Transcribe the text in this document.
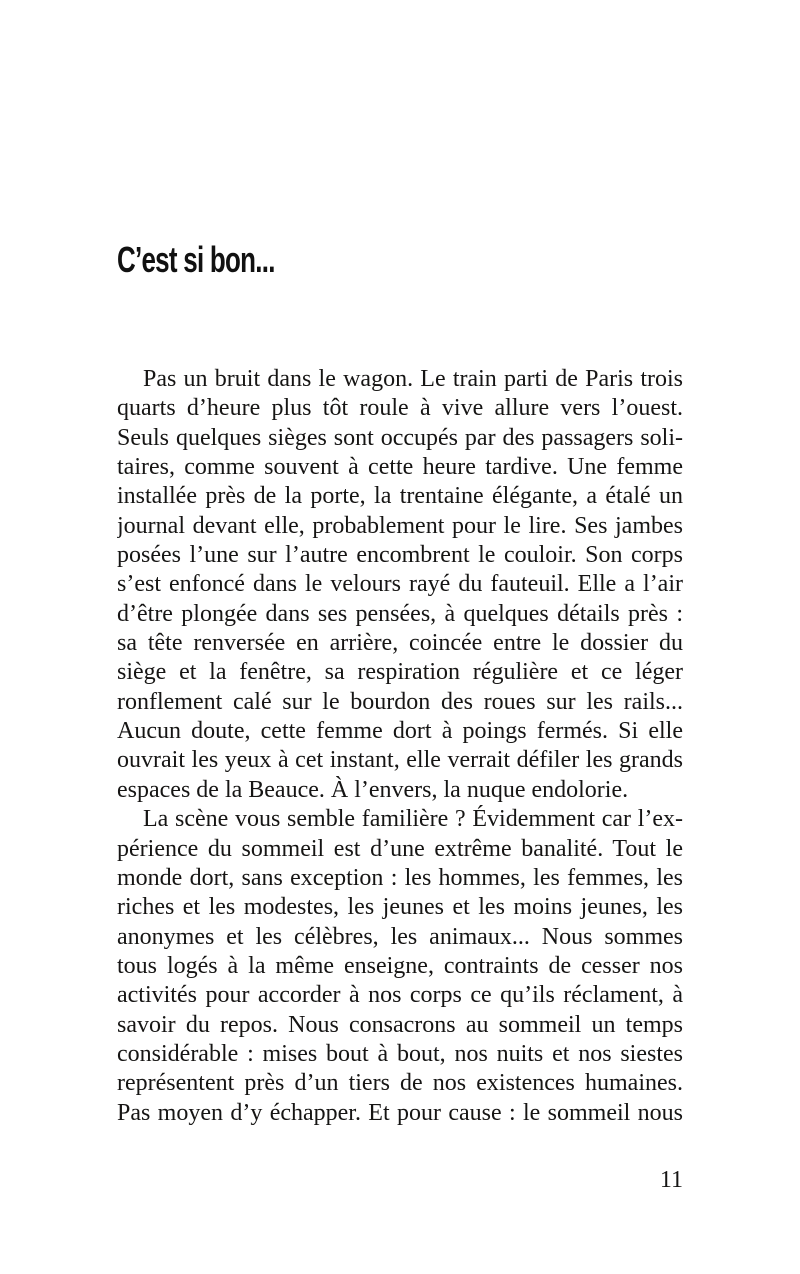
C’est si bon...
Pas un bruit dans le wagon. Le train parti de Paris trois
quarts d’heure plus tôt roule à vive allure vers l’ouest.
Seuls quelques sièges sont occupés par des passagers soli-
taires, comme souvent à cette heure tardive. Une femme
installée près de la porte, la trentaine élégante, a étalé un
journal devant elle, probablement pour le lire. Ses jambes
posées l’une sur l’autre encombrent le couloir. Son corps
s’est enfoncé dans le velours rayé du fauteuil. Elle a l’air
d’être plongée dans ses pensées, à quelques détails près :
sa tête renversée en arrière, coincée entre le dossier du
siège et la fenêtre, sa respiration régulière et ce léger
ronflement calé sur le bourdon des roues sur les rails...
Aucun doute, cette femme dort à poings fermés. Si elle
ouvrait les yeux à cet instant, elle verrait défiler les grands
espaces de la Beauce. À l’envers, la nuque endolorie.
La scène vous semble familière ? Évidemment car l’ex-
périence du sommeil est d’une extrême banalité. Tout le
monde dort, sans exception : les hommes, les femmes, les
riches et les modestes, les jeunes et les moins jeunes, les
anonymes et les célèbres, les animaux... Nous sommes
tous logés à la même enseigne, contraints de cesser nos
activités pour accorder à nos corps ce qu’ils réclament, à
savoir du repos. Nous consacrons au sommeil un temps
considérable : mises bout à bout, nos nuits et nos siestes
représentent près d’un tiers de nos existences humaines.
Pas moyen d’y échapper. Et pour cause : le sommeil nous
11
